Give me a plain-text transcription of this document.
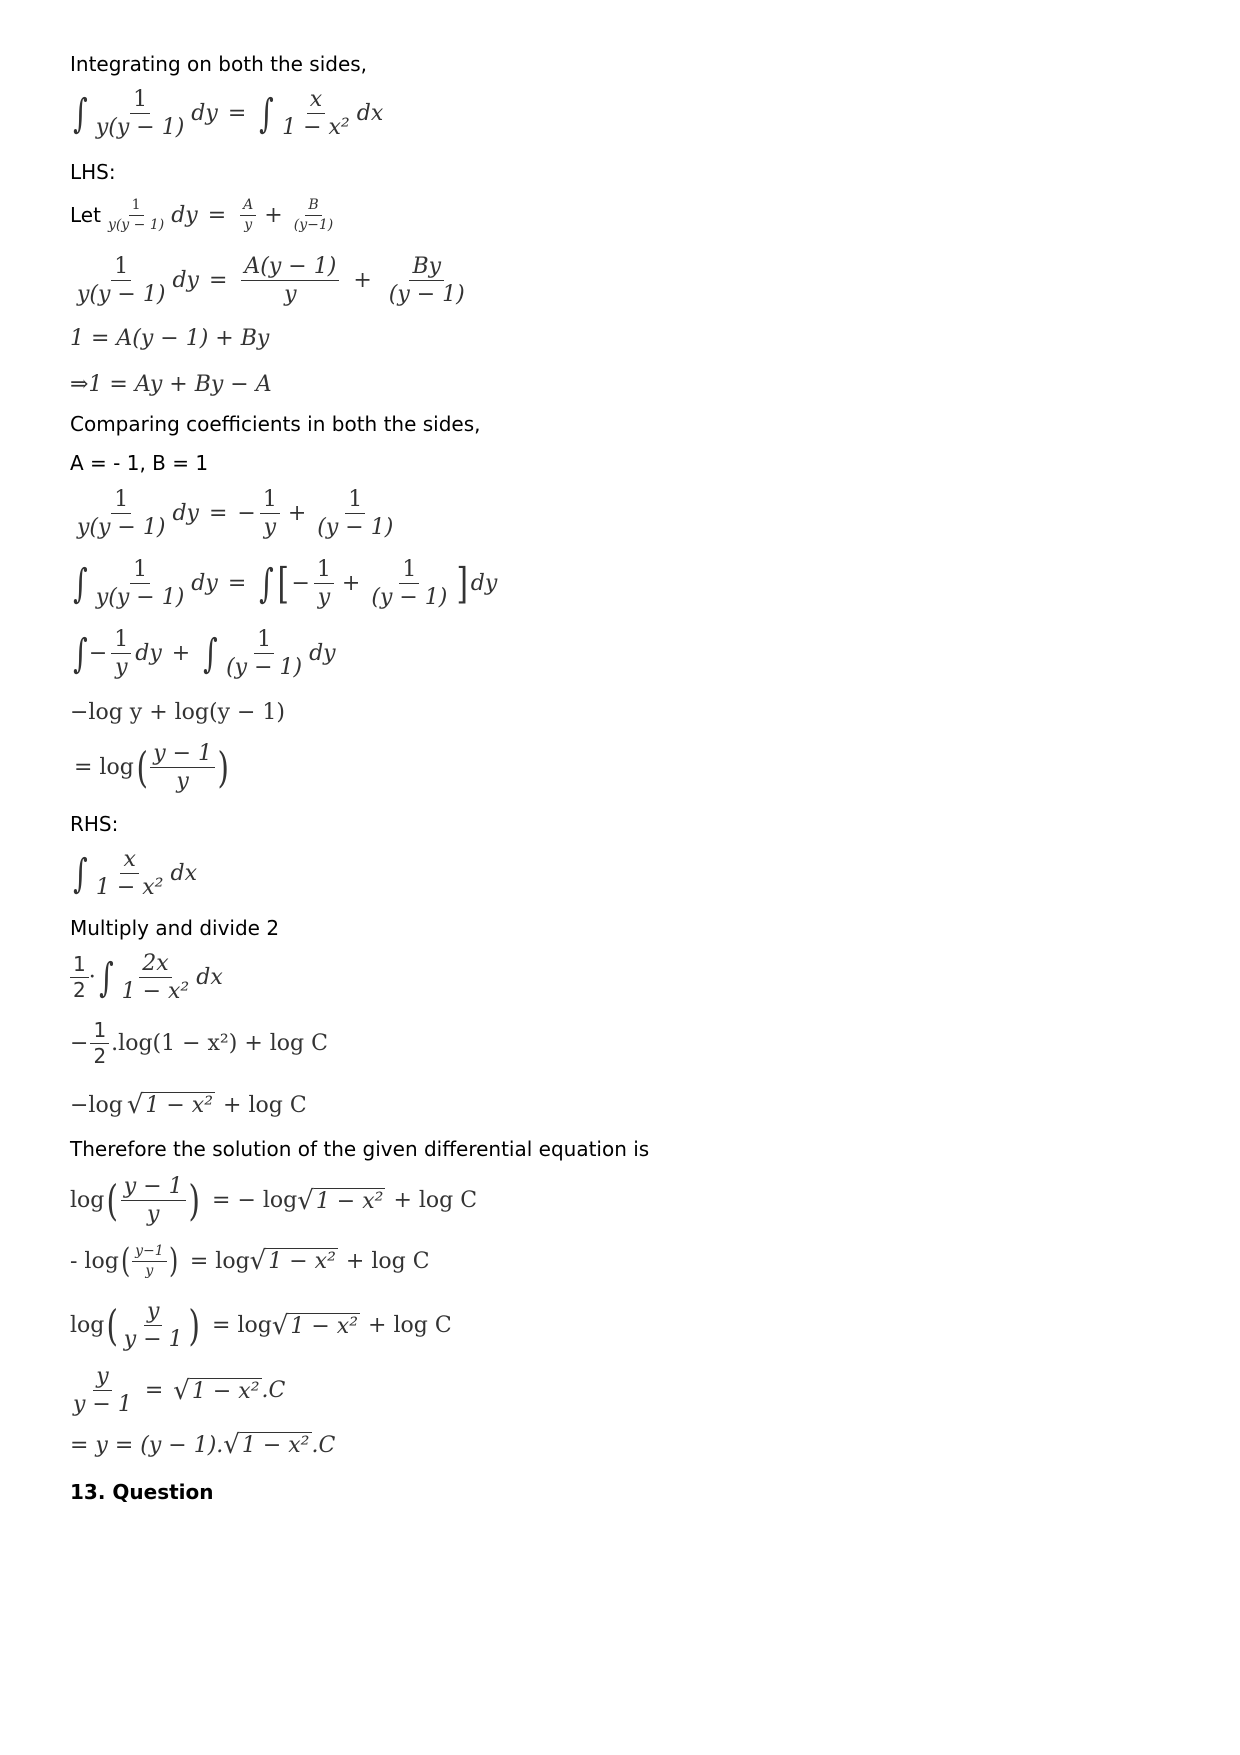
Integrating on both the sides,
∫ $\frac{1}{y(y - 1)}$ dy = ∫ $\frac{x}{\text{1 − x²}}$ dx
LHS:
Let $\frac{1}{y(y - 1)}$ dy = $\frac{A}{y} + \frac{B}{(y-1)}$
$\frac{1}{y(y - 1)}$ dy = $\frac{A(y - 1)}{y} + \frac{By}{(y - 1)}$
1 = A(y − 1) + By
⇒1 = Ay + By − A
Comparing coefficients in both the sides,
A = - 1, B = 1
$\frac{1}{y(y - 1)}$ dy = − $\frac{1}{y} + \frac{1}{(y - 1)}$
∫ $\frac{1}{y(y - 1)}$ dy = ∫ [ − $\frac{1}{y} + \frac{1}{(y - 1)}$ ] dy
∫ − $\frac{1}{y}$ dy + ∫ $\frac{1}{(y - 1)}$ dy
−log y + log(y − 1)
= log ( $\frac{y - 1}{y}$ )
RHS:
∫ $\frac{x}{\text{1 − x²}}$ dx
Multiply and divide 2
$\frac{1}{2}$ · ∫ $\frac{2x}{\text{1 − x²}}$ dx
− $\frac{1}{2} .\log(1 - x^2) + \log C$
−log √ 1 − x² + log C
Therefore the solution of the given differential equation is
log ( $\frac{y - 1}{y}$ ) = − log √ 1 − x² + log C
- log ( $\frac{y-1}{y}$ ) = log √ 1 − x² + log C
log ( $\frac{y}{y - 1}$ ) = log √ 1 − x² + log C
$\frac{y}{y - 1}$ = √ 1 − x² .C
= y = (y − 1). √ 1 − x² .C
13. Question
